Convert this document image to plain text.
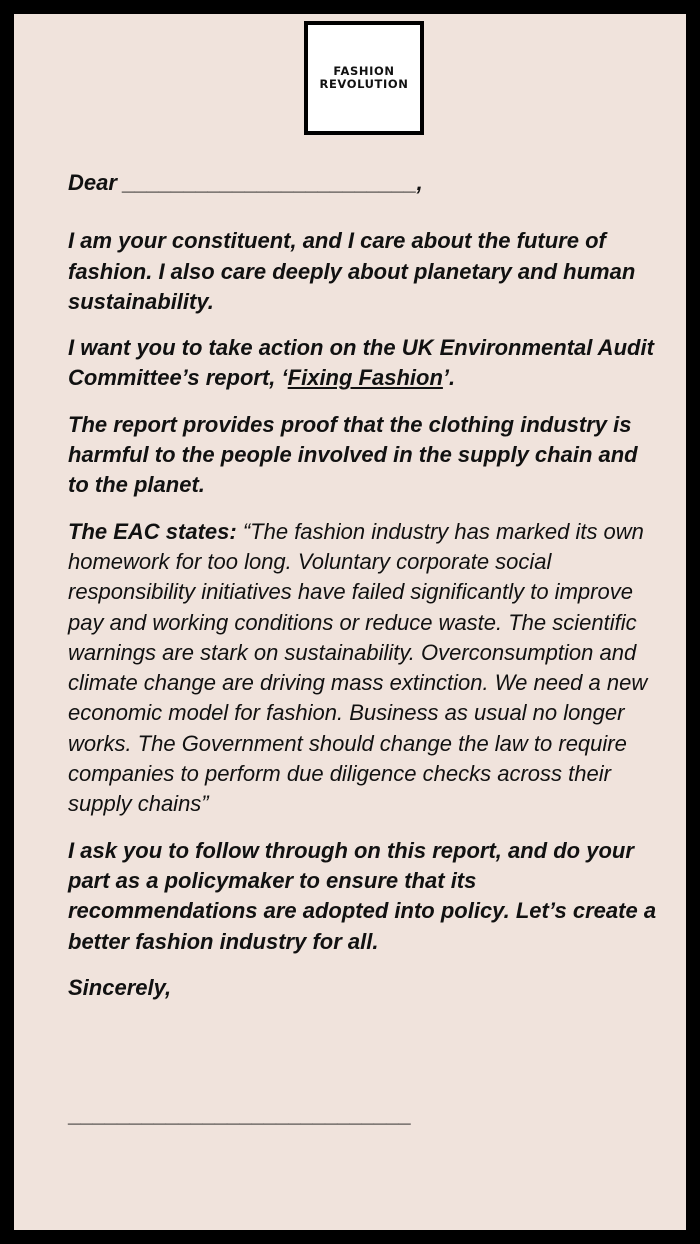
FASHION
REVOLUTION

Dear ________________________,

I am your constituent, and I care about the future of fashion. I also care deeply about planetary and human sustainability.

I want you to take action on the UK Environmental Audit Committee’s report, ‘Fixing Fashion’.

The report provides proof that the clothing industry is harmful to the people involved in the supply chain and to the planet.

The EAC states: “The fashion industry has marked its own homework for too long. Voluntary corporate social responsibility initiatives have failed significantly to improve pay and working conditions or reduce waste. The scientific warnings are stark on sustainability. Overconsumption and climate change are driving mass extinction. We need a new economic model for fashion. Business as usual no longer works. The Government should change the law to require companies to perform due diligence checks across their supply chains”

I ask you to follow through on this report, and do your part as a policymaker to ensure that its recommendations are adopted into policy. Let’s create a better fashion industry for all.

Sincerely,

____________________________
